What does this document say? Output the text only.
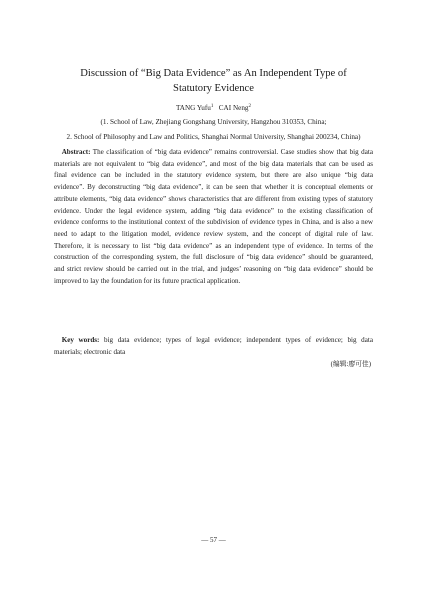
Discussion of “Big Data Evidence” as An Independent Type of
Statutory Evidence
TANG Yufu$^1$ CAI Neng$^2$
(1. School of Law, Zhejiang Gongshang University, Hangzhou 310353, China;
2. School of Philosophy and Law and Politics, Shanghai Normal University, Shanghai 200234, China)
  Abstract: The classification of “big data evidence” remains controversial. Case studies show that big data
materials are not equivalent to “big data evidence”, and most of the big data materials that can be used as
final evidence can be included in the statutory evidence system, but there are also unique “big data
evidence”. By deconstructing “big data evidence”, it can be seen that whether it is conceptual elements or
attribute elements, “big data evidence” shows characteristics that are different from existing types of statutory
evidence. Under the legal evidence system, adding “big data evidence” to the existing classification of
evidence conforms to the institutional context of the subdivision of evidence types in China, and is also a new
need to adapt to the litigation model, evidence review system, and the concept of digital rule of law.
Therefore, it is necessary to list “big data evidence” as an independent type of evidence. In terms of the
construction of the corresponding system, the full disclosure of “big data evidence” should be guaranteed,
and strict review should be carried out in the trial, and judges’ reasoning on “big data evidence” should be
improved to lay the foundation for its future practical application.
  Key words: big data evidence; types of legal evidence; independent types of evidence; big data
materials; electronic data
(编辑:廖可佳)
— 57 —
